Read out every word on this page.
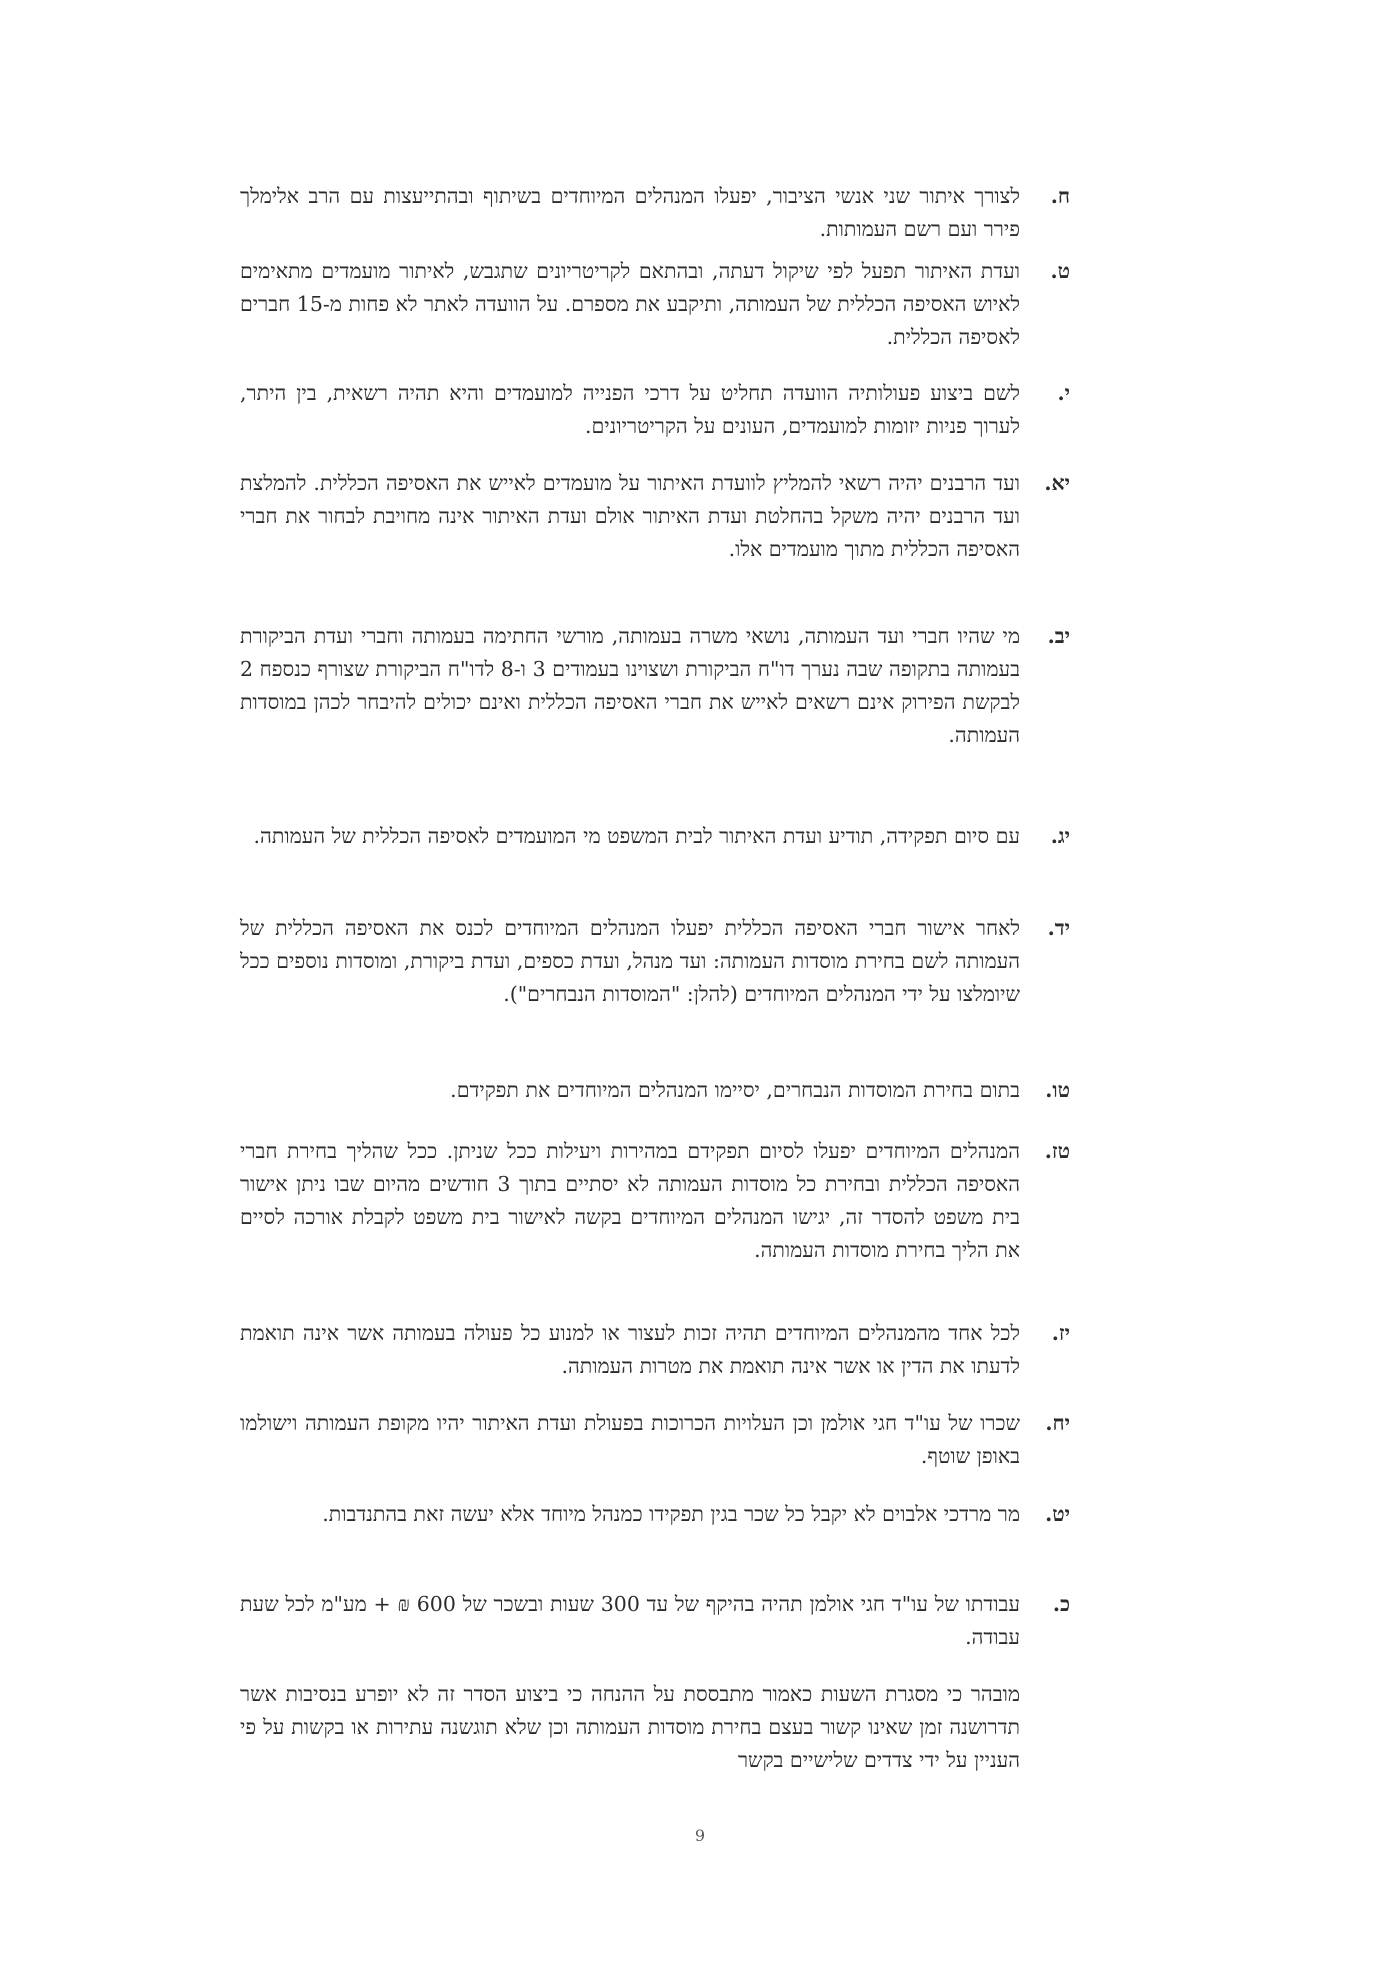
ח.
לצורך איתור שני אנשי הציבור, יפעלו המנהלים המיוחדים בשיתוף ובהתייעצות עם הרב אלימלך פירר ועם רשם העמותות.
ט.
ועדת האיתור תפעל לפי שיקול דעתה, ובהתאם לקריטריונים שתגבש, לאיתור מועמדים מתאימים לאיוש האסיפה הכללית של העמותה, ותיקבע את מספרם. על הוועדה לאתר לא פחות מ-15 חברים לאסיפה הכללית.
י.
לשם ביצוע פעולותיה הוועדה תחליט על דרכי הפנייה למועמדים והיא תהיה רשאית, בין היתר, לערוך פניות יזומות למועמדים, העונים על הקריטריונים.
יא.
ועד הרבנים יהיה רשאי להמליץ לוועדת האיתור על מועמדים לאייש את האסיפה הכללית. להמלצת ועד הרבנים יהיה משקל בהחלטת ועדת האיתור אולם ועדת האיתור אינה מחויבת לבחור את חברי האסיפה הכללית מתוך מועמדים אלו.
יב.
מי שהיו חברי ועד העמותה, נושאי משרה בעמותה, מורשי החתימה בעמותה וחברי ועדת הביקורת בעמותה בתקופה שבה נערך דו"ח הביקורת ושצוינו בעמודים 3 ו-8 לדו"ח הביקורת שצורף כנספח 2 לבקשת הפירוק אינם רשאים לאייש את חברי האסיפה הכללית ואינם יכולים להיבחר לכהן במוסדות העמותה.
יג.
עם סיום תפקידה, תודיע ועדת האיתור לבית המשפט מי המועמדים לאסיפה הכללית של העמותה.
יד.
לאחר אישור חברי האסיפה הכללית יפעלו המנהלים המיוחדים לכנס את האסיפה הכללית של העמותה לשם בחירת מוסדות העמותה: ועד מנהל, ועדת כספים, ועדת ביקורת, ומוסדות נוספים ככל שיומלצו על ידי המנהלים המיוחדים (להלן: "המוסדות הנבחרים").
טו.
בתום בחירת המוסדות הנבחרים, יסיימו המנהלים המיוחדים את תפקידם.
טז.
המנהלים המיוחדים יפעלו לסיום תפקידם במהירות ויעילות ככל שניתן. ככל שהליך בחירת חברי האסיפה הכללית ובחירת כל מוסדות העמותה לא יסתיים בתוך 3 חודשים מהיום שבו ניתן אישור בית משפט להסדר זה, יגישו המנהלים המיוחדים בקשה לאישור בית משפט לקבלת אורכה לסיים את הליך בחירת מוסדות העמותה.
יז.
לכל אחד מהמנהלים המיוחדים תהיה זכות לעצור או למנוע כל פעולה בעמותה אשר אינה תואמת לדעתו את הדין או אשר אינה תואמת את מטרות העמותה.
יח.
שכרו של עו"ד חגי אולמן וכן העלויות הכרוכות בפעולת ועדת האיתור יהיו מקופת העמותה וישולמו באופן שוטף.
יט.
מר מרדכי אלבוים לא יקבל כל שכר בגין תפקידו כמנהל מיוחד אלא יעשה זאת בהתנדבות.
כ.
עבודתו של עו"ד חגי אולמן תהיה בהיקף של עד 300 שעות ובשכר של 600 ₪ + מע"מ לכל שעת עבודה.
מובהר כי מסגרת השעות כאמור מתבססת על ההנחה כי ביצוע הסדר זה לא יופרע בנסיבות אשר תדרושנה זמן שאינו קשור בעצם בחירת מוסדות העמותה וכן שלא תוגשנה עתירות או בקשות על פי העניין על ידי צדדים שלישיים בקשר
9
